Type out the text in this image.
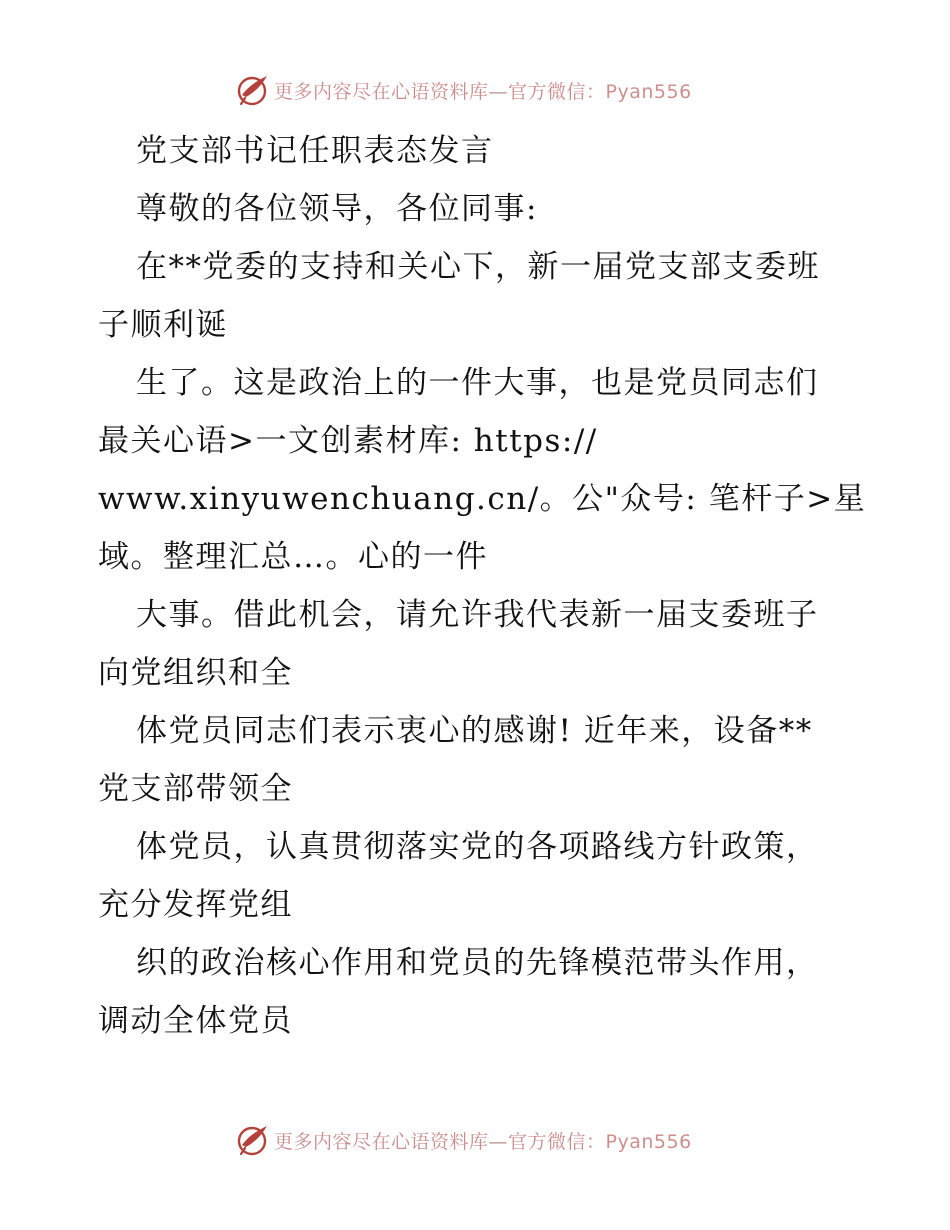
更多内容尽在心语资料库—官方微信：Pyan556
党支部书记任职表态发言
尊敬的各位领导，各位同事:
在**党委的支持和关心下，新一届党支部支委班
子顺利诞
生了。这是政治上的一件大事，也是党员同志们
最关心语>一文创素材库: https://
www.xinyuwenchuang.cn/。公"众号: 笔杆子>星
域。整理汇总…。心的一件
大事。借此机会，请允许我代表新一届支委班子
向党组织和全
体党员同志们表示衷心的感谢! 近年来，设备**
党支部带领全
体党员，认真贯彻落实党的各项路线方针政策，
充分发挥党组
织的政治核心作用和党员的先锋模范带头作用，
调动全体党员
更多内容尽在心语资料库—官方微信：Pyan556
